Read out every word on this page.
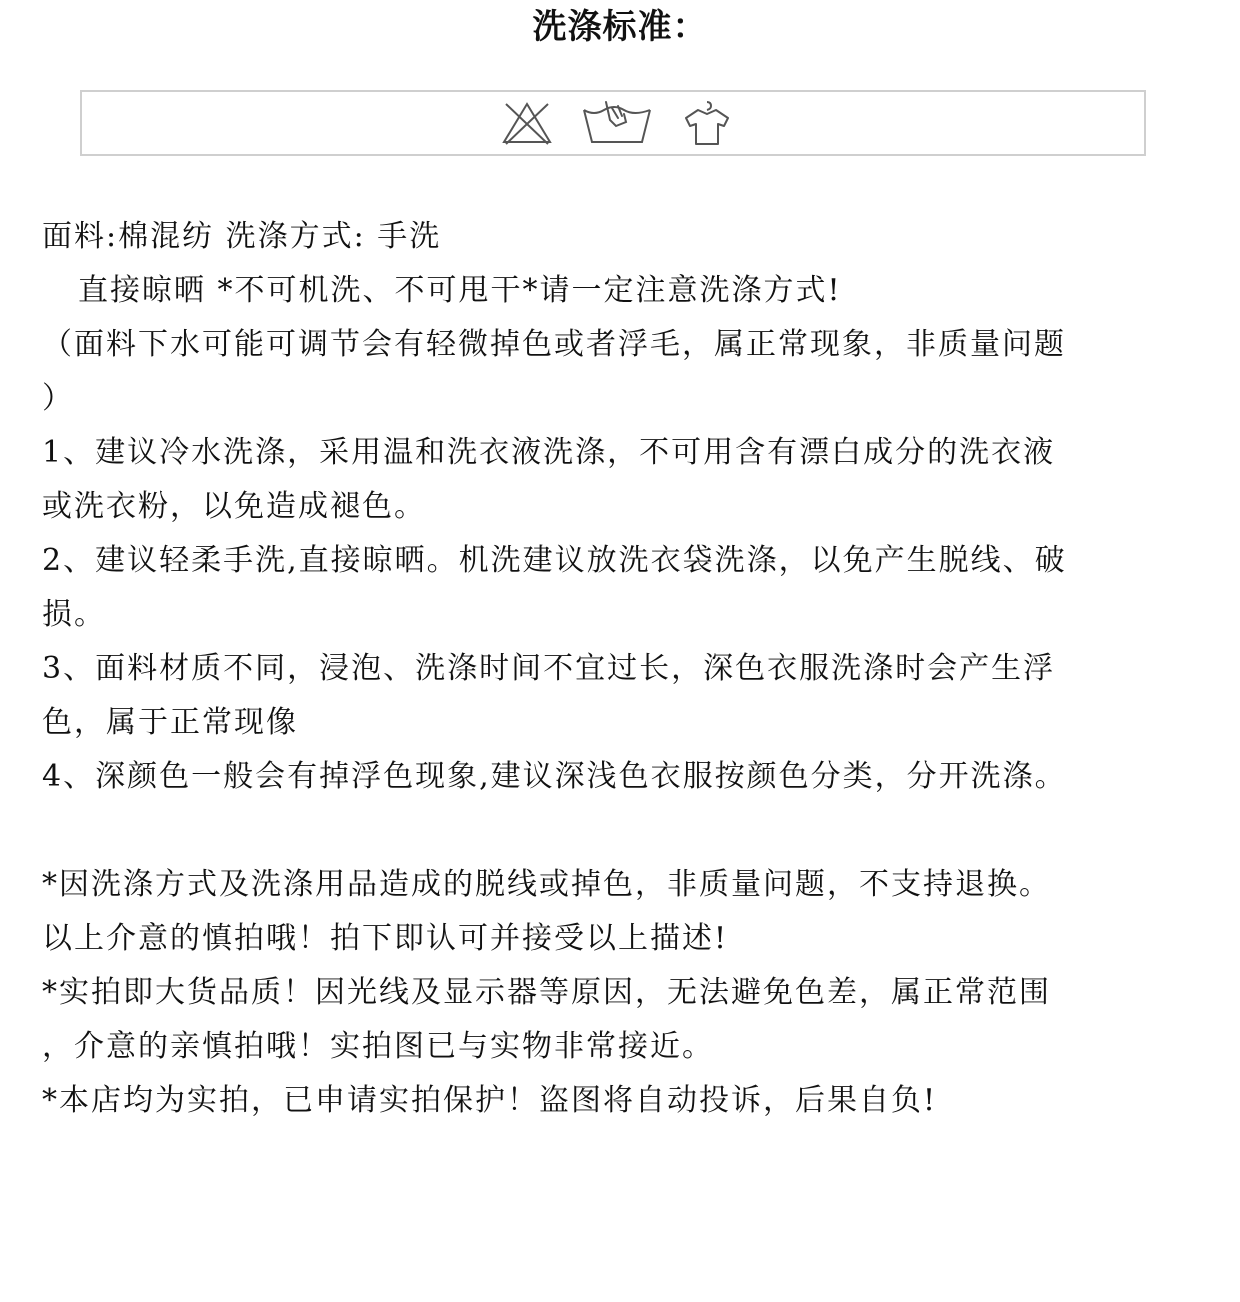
洗涤标准：
面料:棉混纺 洗涤方式: 手洗
直接晾晒 *不可机洗、不可甩干*请一定注意洗涤方式!
（面料下水可能可调节会有轻微掉色或者浮毛，属正常现象，非质量问题
）
1、建议冷水洗涤，采用温和洗衣液洗涤，不可用含有漂白成分的洗衣液
或洗衣粉，以免造成褪色。
2、建议轻柔手洗,直接晾晒。机洗建议放洗衣袋洗涤，以免产生脱线、破
损。
3、面料材质不同，浸泡、洗涤时间不宜过长，深色衣服洗涤时会产生浮
色，属于正常现像
4、深颜色一般会有掉浮色现象,建议深浅色衣服按颜色分类，分开洗涤。
*因洗涤方式及洗涤用品造成的脱线或掉色，非质量问题，不支持退换。
以上介意的慎拍哦！拍下即认可并接受以上描述!
*实拍即大货品质！因光线及显示器等原因，无法避免色差，属正常范围
，介意的亲慎拍哦！实拍图已与实物非常接近。
*本店均为实拍，已申请实拍保护！盗图将自动投诉，后果自负!
